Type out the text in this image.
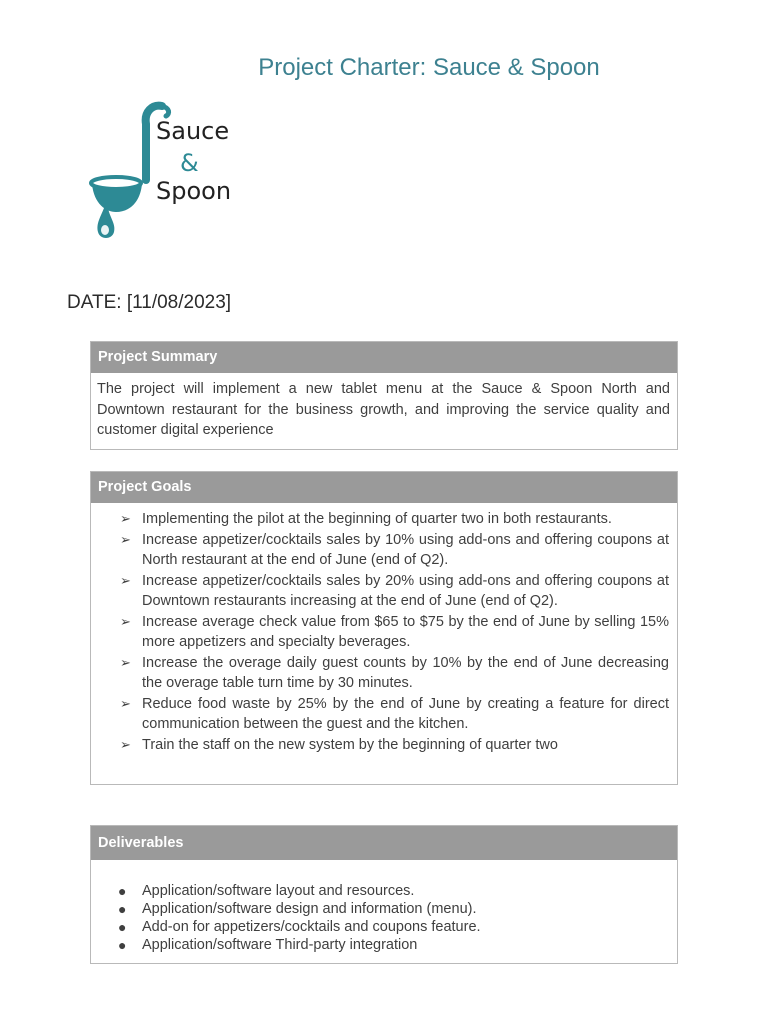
Project Charter: Sauce & Spoon
Sauce
&
Spoon
DATE: [11/08/2023]
Project Summary
The project will implement a new tablet menu at the Sauce & Spoon North and Downtown restaurant for the business growth, and improving the service quality and customer digital experience
Project Goals
➢ Implementing the pilot at the beginning of quarter two in both restaurants.
➢ Increase appetizer/cocktails sales by 10% using add-ons and offering coupons at North restaurant at the end of June (end of Q2).
➢ Increase appetizer/cocktails sales by 20% using add-ons and offering coupons at Downtown restaurants increasing at the end of June (end of Q2).
➢ Increase average check value from $65 to $75 by the end of June by selling 15% more appetizers and specialty beverages.
➢ Increase the overage daily guest counts by 10% by the end of June decreasing the overage table turn time by 30 minutes.
➢ Reduce food waste by 25% by the end of June by creating a feature for direct communication between the guest and the kitchen.
➢ Train the staff on the new system by the beginning of quarter two
Deliverables
● Application/software layout and resources.
● Application/software design and information (menu).
● Add-on for appetizers/cocktails and coupons feature.
● Application/software Third-party integration
